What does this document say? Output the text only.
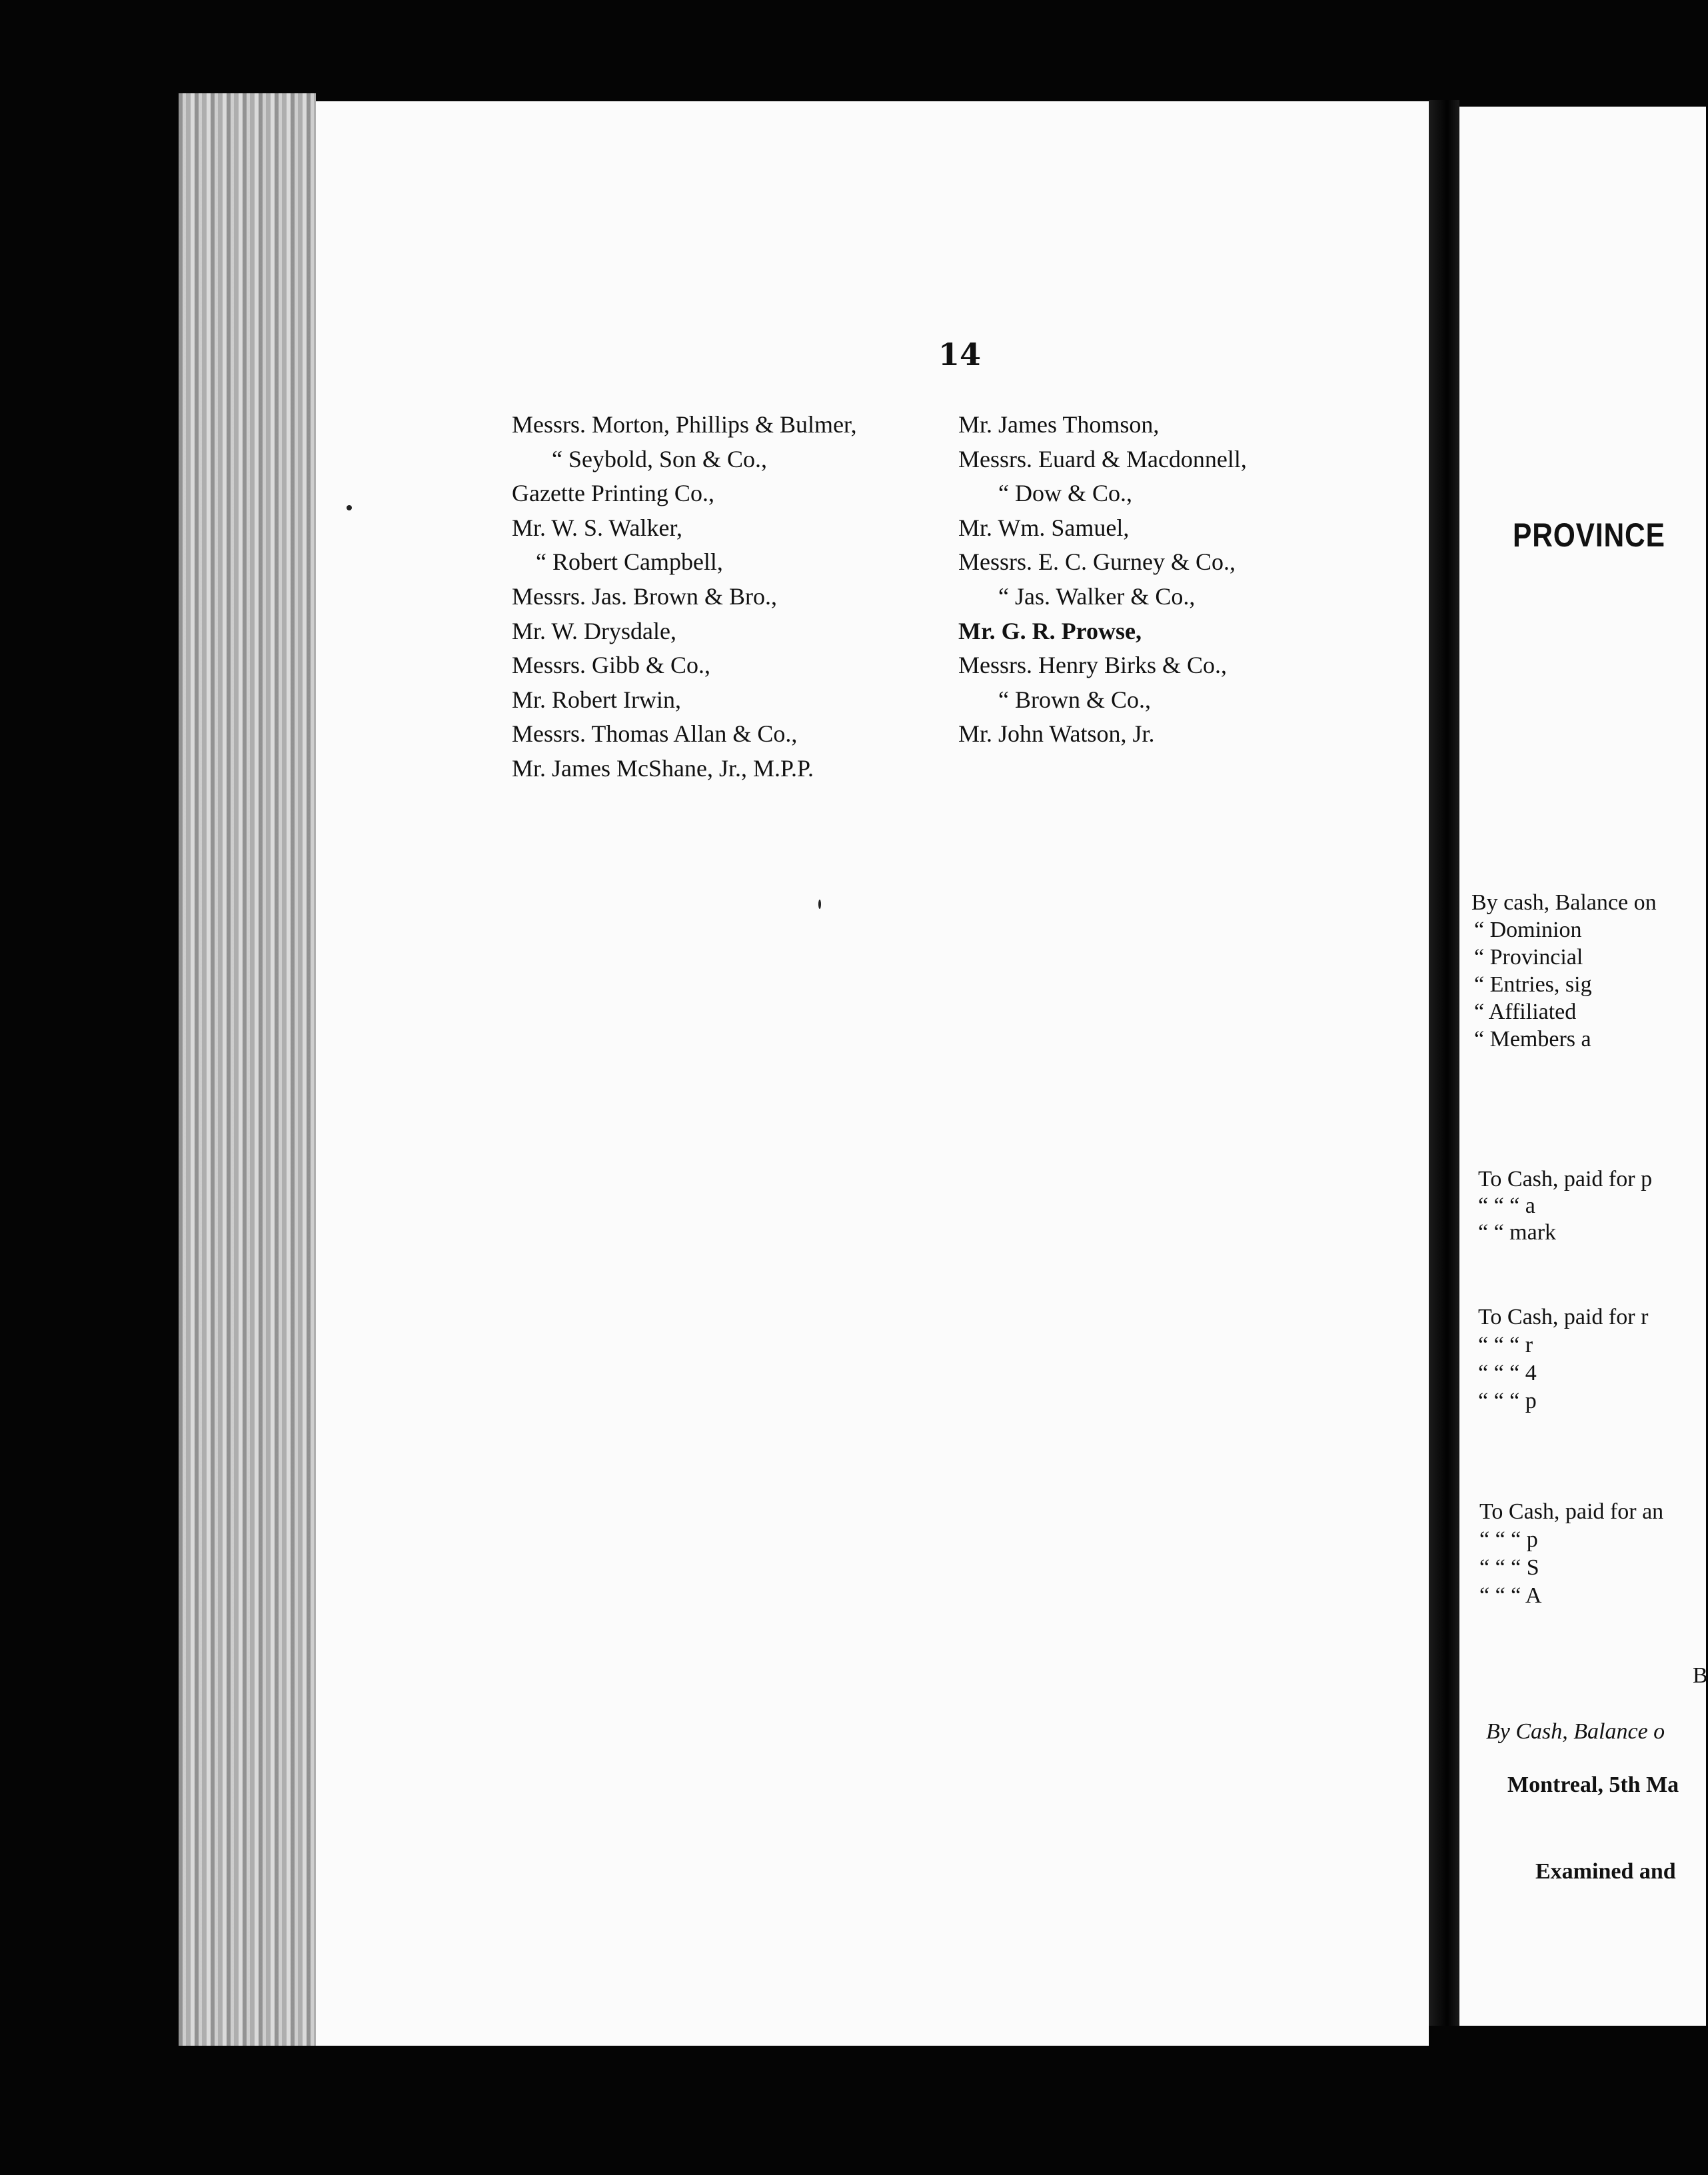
PROVINCE
By cash, Balance on
“ Dominion
“ Provincial
“ Entries, sig
“ Affiliated
“ Members a
To Cash, paid for p
“ “ “ a
“ “ mark
To Cash, paid for r
“ “ “ r
“ “ “ 4
“ “ “ p
To Cash, paid for an
“ “ “ p
“ “ “ S
“ “ “ A
B
By Cash, Balance o
Montreal, 5th Ma
Examined and
14
Messrs. Morton, Phillips & Bulmer,
“ Seybold, Son & Co.,
Gazette Printing Co.,
Mr. W. S. Walker,
“ Robert Campbell,
Messrs. Jas. Brown & Bro.,
Mr. W. Drysdale,
Messrs. Gibb & Co.,
Mr. Robert Irwin,
Messrs. Thomas Allan & Co.,
Mr. James McShane, Jr., M.P.P.
Mr. James Thomson,
Messrs. Euard & Macdonnell,
“ Dow & Co.,
Mr. Wm. Samuel,
Messrs. E. C. Gurney & Co.,
“ Jas. Walker & Co.,
Mr. G. R. Prowse,
Messrs. Henry Birks & Co.,
“ Brown & Co.,
Mr. John Watson, Jr.
